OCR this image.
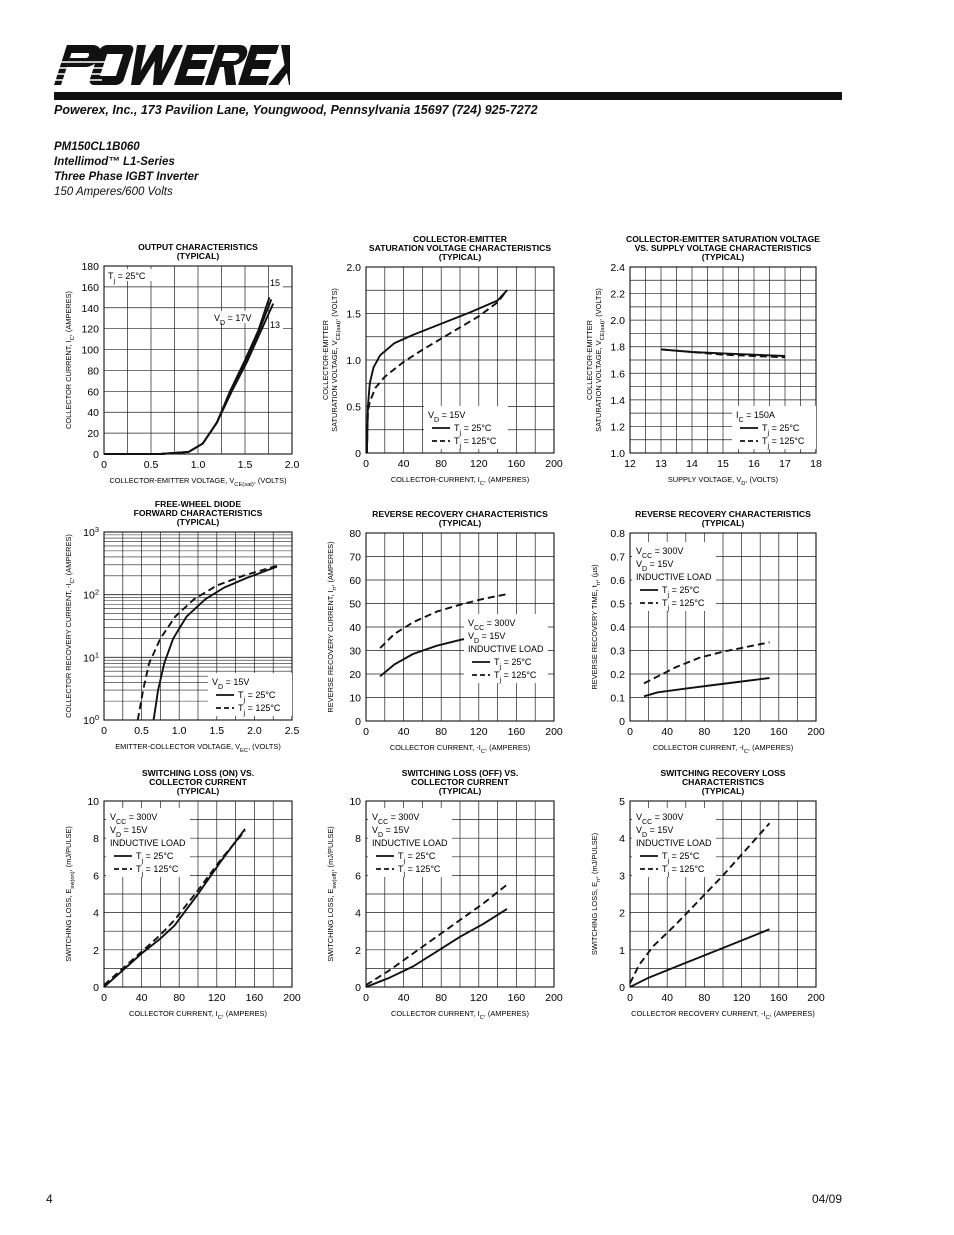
Powerex, Inc., 173 Pavilion Lane, Youngwood, Pennsylvania 15697 (724) 925-7272
PM150CL1B060
Intellimod™ L1-Series
Three Phase IGBT Inverter
150 Amperes/600 Volts
OUTPUT CHARACTERISTICS
(TYPICAL)
0	0.5	1.0	1.5	2.0
0
20
40
60
80
100
120
140
160
180
COLLECTOR-EMITTER VOLTAGE, $V_{CE(sat)}$, (VOLTS)
COLLECTOR CURRENT, $I_C$, (AMPERES)
$T_j = 25^\circ C$
$V_D = 17V$
15
13
COLLECTOR-EMITTER
SATURATION VOLTAGE CHARACTERISTICS
(TYPICAL)
0	40 80 120 160 200
0
0.5
1.0
1.5
2.0
COLLECTOR-CURRENT, $I_C$, (AMPERES)
COLLECTOR-EMITTER SATURATION VOLTAGE, $V_{CE(sat)}$, (VOLTS)
$V_D = 15V$
$T_j = 25^\circ C$
$T_j = 125^\circ C$
COLLECTOR-EMITTER SATURATION VOLTAGE
VS. SUPPLY VOLTAGE CHARACTERISTICS
(TYPICAL)
12 13 14 15 16 17 18
1.0
1.2
1.4
1.6
1.8
2.0
2.2
2.4
SUPPLY VOLTAGE, $V_D$, (VOLTS)
COLLECTOR-EMITTER SATURATION VOLTAGE, $V_{CE(sat)}$, (VOLTS)
$I_C = 150A$
$T_j = 25^\circ C$
$T_j = 125^\circ C$
FREE-WHEEL DIODE
FORWARD CHARACTERISTICS
(TYPICAL)
0	0.5 1.0 1.5 2.0 2.5
$10^0$
$10^1$
$10^2$
$10^3$
EMITTER-COLLECTOR VOLTAGE, $V_{EC}$, (VOLTS)
COLLECTOR RECOVERY CURRENT, $-I_C$, (AMPERES)
$V_D = 15V$
$T_j = 25^\circ C$
$T_j = 125^\circ C$
REVERSE RECOVERY CHARACTERISTICS
(TYPICAL)
0	40 80 120 160 200
0
10
20
30
40
50
60
70
80
COLLECTOR CURRENT, $-I_C$, (AMPERES)
REVERSE RECOVERY CURRENT, $I_{rr}$, (AMPERES)
$V_{CC} = 300V$
$V_D = 15V$
INDUCTIVE LOAD
$T_j = 25^\circ C$
$T_j = 125^\circ C$
REVERSE RECOVERY CHARACTERISTICS
(TYPICAL)
0	40 80 120 160 200
0
0.1
0.2
0.3
0.4
0.5
0.6
0.7
0.8
COLLECTOR CURRENT, $-I_C$, (AMPERES)
REVERSE RECOVERY TIME, $t_{rr}$, (µs)
$V_{CC} = 300V$
$V_D = 15V$
INDUCTIVE LOAD
$T_j = 25^\circ C$
$T_j = 125^\circ C$
SWITCHING LOSS (ON) VS.
COLLECTOR CURRENT
(TYPICAL)
0	40 80 120 160 200
0
2
4
6
8
10
COLLECTOR CURRENT, $I_C$, (AMPERES)
SWITCHING LOSS, $E_{sw(on)}$, (mJ/PULSE)
$V_{CC} = 300V$
$V_D = 15V$
INDUCTIVE LOAD
$T_j = 25^\circ C$
$T_j = 125^\circ C$
SWITCHING LOSS (OFF) VS.
COLLECTOR CURRENT
(TYPICAL)
0	40 80 120 160 200
0
2
4
6
8
10
COLLECTOR CURRENT, $I_C$, (AMPERES)
SWITCHING LOSS, $E_{sw(off)}$, (mJ/PULSE)
$V_{CC} = 300V$
$V_D = 15V$
INDUCTIVE LOAD
$T_j = 25^\circ C$
$T_j = 125^\circ C$
SWITCHING RECOVERY LOSS
CHARACTERISTICS
(TYPICAL)
0	40 80 120 160 200
0
1
2
3
4
5
COLLECTOR RECOVERY CURRENT, $-I_C$, (AMPERES)
SWITCHING LOSS, $E_{rr}$, (mJ/PULSE)
$V_{CC} = 300V$
$V_D = 15V$
INDUCTIVE LOAD
$T_j = 25^\circ C$
$T_j = 125^\circ C$
4	04/09
